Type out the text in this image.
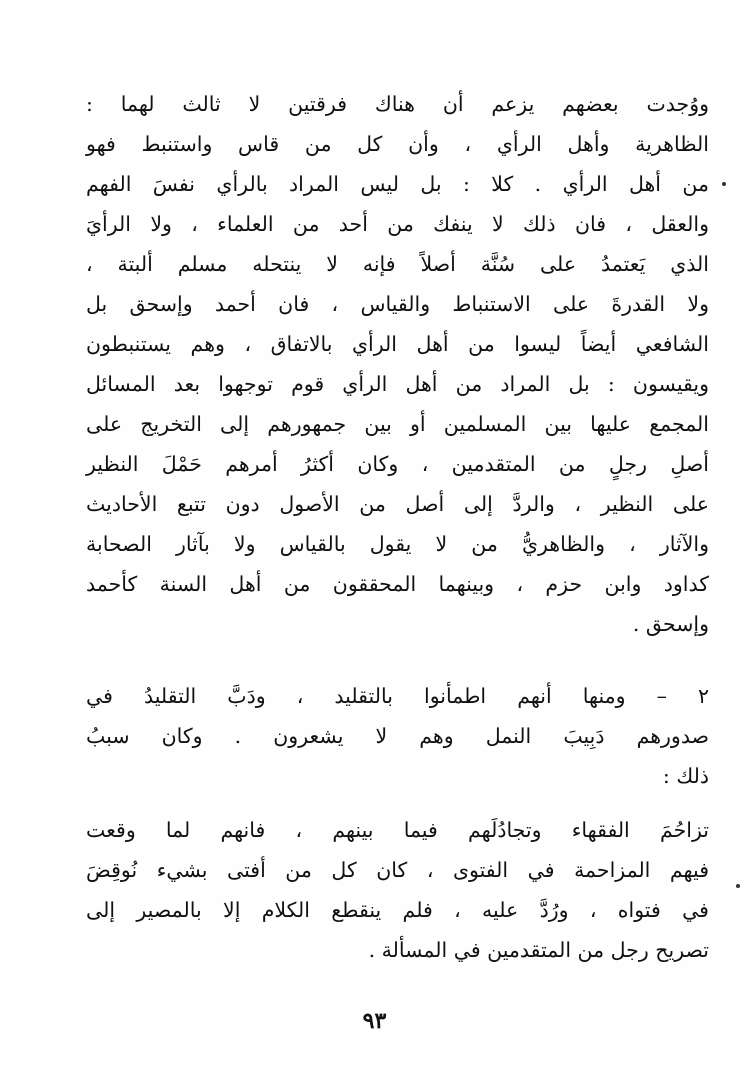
ووُجدت بعضهم يزعم أن هناك فرقتين لا ثالث لهما :
الظاهرية وأهل الرأي ، وأن كل من قاس واستنبط فهو
من أهل الرأي . كلا : بل ليس المراد بالرأي نفسَ الفهم
والعقل ، فان ذلك لا ينفك من أحد من العلماء ، ولا الرأيَ
الذي يَعتمدُ على سُنَّة أصلاً فإنه لا ينتحله مسلم ألبتة ،
ولا القدرةَ على الاستنباط والقياس ، فان أحمد وإسحق بل
الشافعي أيضاً ليسوا من أهل الرأي بالاتفاق ، وهم يستنبطون
ويقيسون : بل المراد من أهل الرأي قوم توجهوا بعد المسائل
المجمع عليها بين المسلمين أو بين جمهورهم إلى التخريج على
أصلِ رجلٍ من المتقدمين ، وكان أكثرُ أمرهم حَمْلَ النظير
على النظير ، والردَّ إلى أصل من الأصول دون تتبع الأحاديث
والآثار ، والظاهريُّ من لا يقول بالقياس ولا بآثار الصحابة
كداود وابن حزم ، وبينهما المحققون من أهل السنة كأحمد
وإسحق .
٢ – ومنها أنهم اطمأنوا بالتقليد ، ودَبَّ التقليدُ في
صدورهم دَبِيبَ النمل وهم لا يشعرون . وكان سببُ
ذلك :
تزاحُمَ الفقهاء وتجادُلَهم فيما بينهم ، فانهم لما وقعت
فيهم المزاحمة في الفتوى ، كان كل من أفتى بشيء نُوقِضَ
في فتواه ، ورُدَّ عليه ، فلم ينقطع الكلام إلا بالمصير إلى
تصريح رجل من المتقدمين في المسألة .
٩٣
